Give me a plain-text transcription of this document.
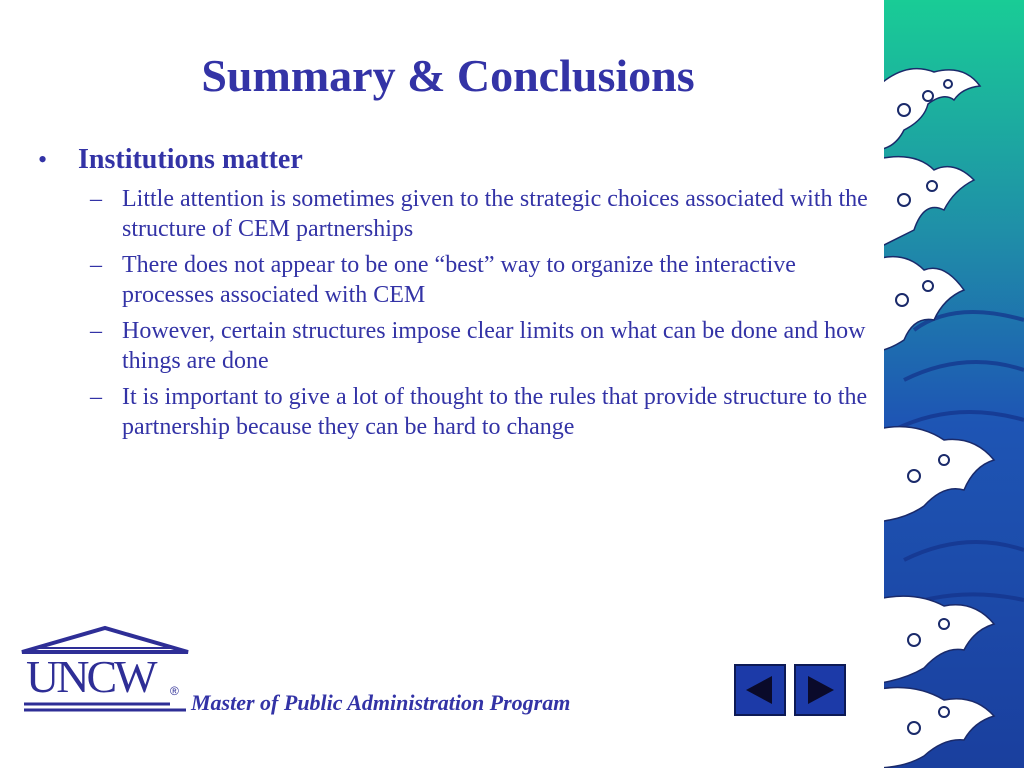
Summary & Conclusions
•	Institutions matter
– Little attention is sometimes given to the strategic choices associated with the structure of CEM partnerships
– There does not appear to be one “best” way to organize the interactive processes associated with CEM
– However, certain structures impose clear limits on what can be done and how things are done
– It is important to give a lot of thought to the rules that provide structure to the partnership because they can be hard to change
UNCW ® Master of Public Administration Program
